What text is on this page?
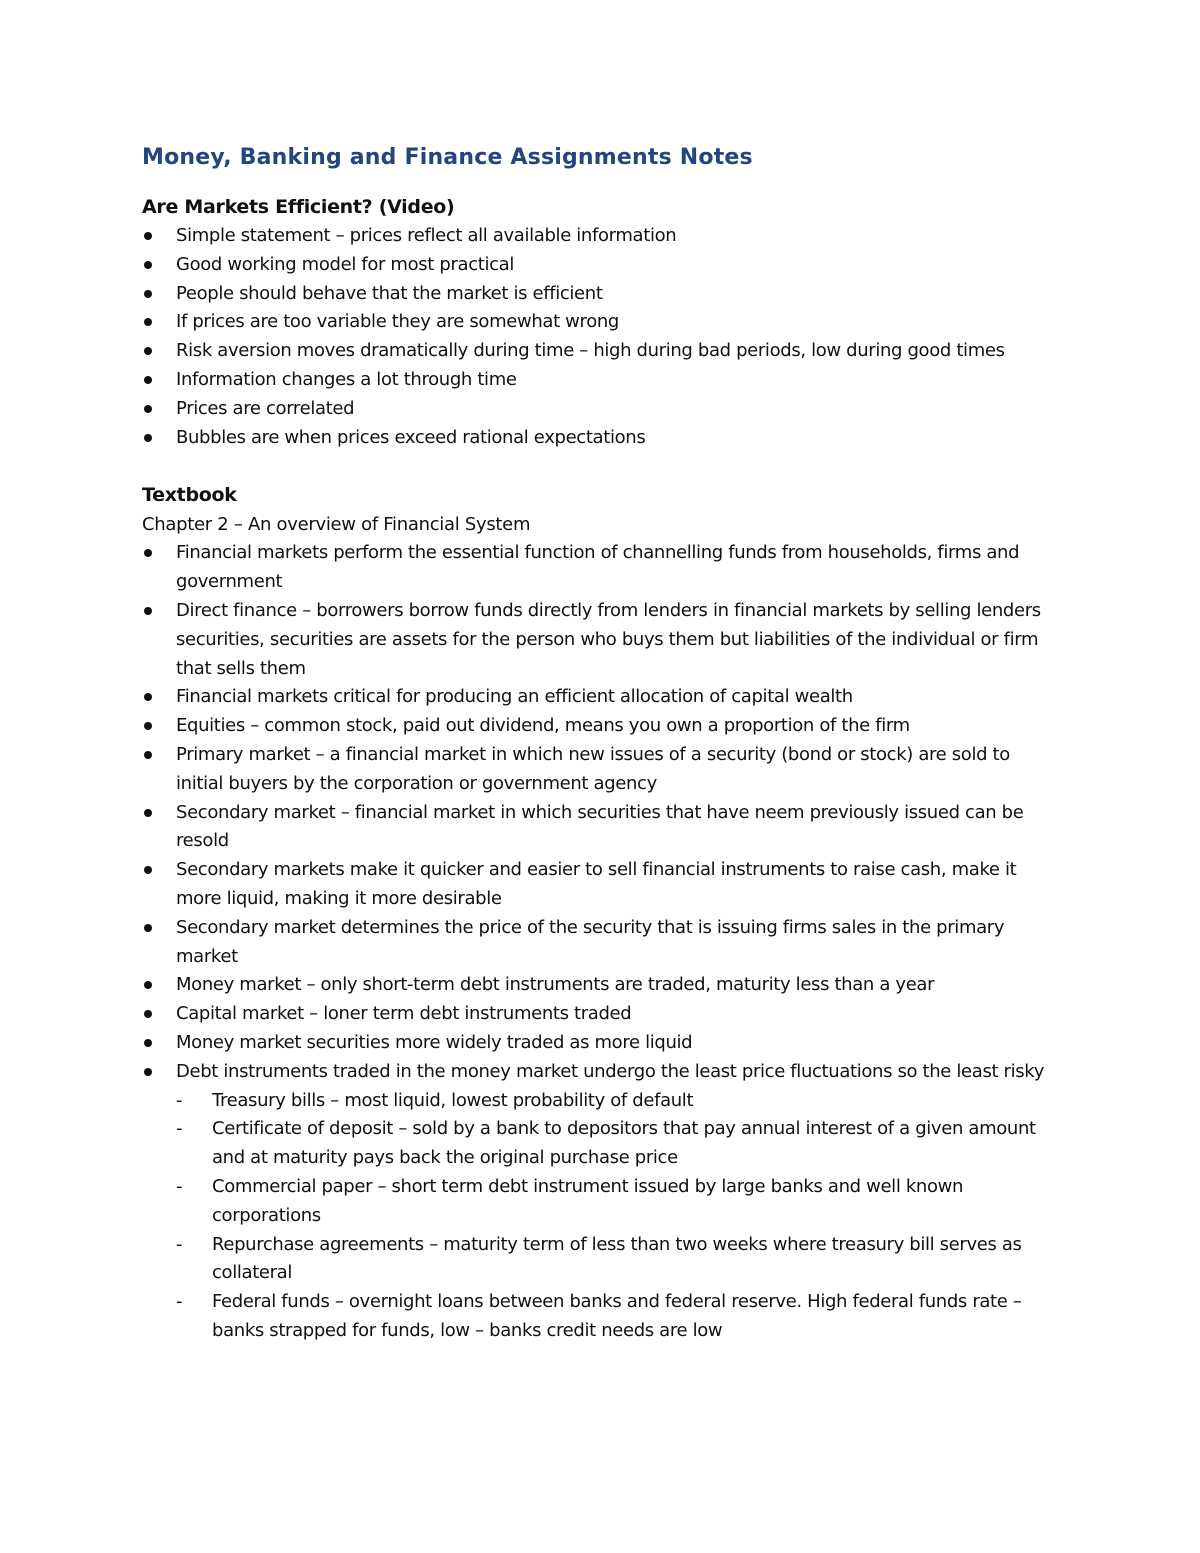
Money, Banking and Finance Assignments Notes
Are Markets Efficient? (Video)
Simple statement – prices reflect all available information
Good working model for most practical
People should behave that the market is efficient
If prices are too variable they are somewhat wrong
Risk aversion moves dramatically during time – high during bad periods, low during good times
Information changes a lot through time
Prices are correlated
Bubbles are when prices exceed rational expectations
Textbook

Chapter 2 – An overview of Financial System

Financial markets perform the essential function of channelling funds from households, firms and government
Direct finance – borrowers borrow funds directly from lenders in financial markets by selling lenders securities, securities are assets for the person who buys them but liabilities of the individual or firm that sells them
Financial markets critical for producing an efficient allocation of capital wealth
Equities – common stock, paid out dividend, means you own a proportion of the firm
Primary market – a financial market in which new issues of a security (bond or stock) are sold to initial buyers by the corporation or government agency
Secondary market – financial market in which securities that have neem previously issued can be resold
Secondary markets make it quicker and easier to sell financial instruments to raise cash, make it more liquid, making it more desirable
Secondary market determines the price of the security that is issuing firms sales in the primary market
Money market – only short-term debt instruments are traded, maturity less than a year
Capital market – loner term debt instruments traded
Money market securities more widely traded as more liquid
Debt instruments traded in the money market undergo the least price fluctuations so the least risky
- Treasury bills – most liquid, lowest probability of default
- Certificate of deposit – sold by a bank to depositors that pay annual interest of a given amount and at maturity pays back the original purchase price
- Commercial paper – short term debt instrument issued by large banks and well known corporations
- Repurchase agreements – maturity term of less than two weeks where treasury bill serves as collateral
- Federal funds – overnight loans between banks and federal reserve. High federal funds rate – banks strapped for funds, low – banks credit needs are low
